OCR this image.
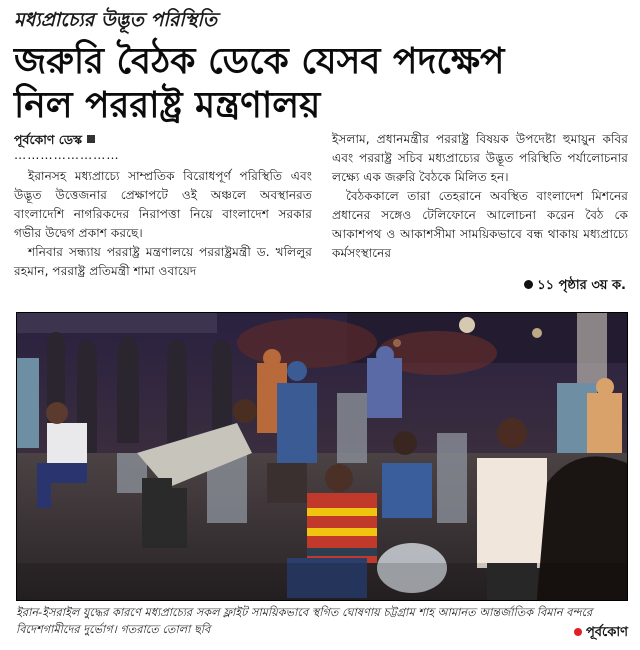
মধ্যপ্রাচ্যের উদ্ভূত পরিস্থিতি
জরুরি বৈঠক ডেকে যেসব পদক্ষেপ
নিল পররাষ্ট্র মন্ত্রণালয়

পূর্বকোণ ডেস্ক

……………………

ইরানসহ মধ্যপ্রাচ্যে সাম্প্রতিক বিরোধপূর্ণ পরিস্থিতি এবং উদ্ভূত উত্তেজনার প্রেক্ষাপটে ওই অঞ্চলে অবস্থানরত বাংলাদেশি নাগরিকদের নিরাপত্তা নিয়ে বাংলাদেশ সরকার গভীর উদ্বেগ প্রকাশ করছে।

শনিবার সন্ধ্যায় পররাষ্ট্র মন্ত্রণালয়ে পররাষ্ট্রমন্ত্রী ড. খলিলুর রহমান, পররাষ্ট্র প্রতিমন্ত্রী শামা ওবায়েদ

ইসলাম, প্রধানমন্ত্রীর পররাষ্ট্র বিষয়ক উপদেষ্টা হুমায়ুন কবির এবং পররাষ্ট্র সচিব মধ্যপ্রাচ্যের উদ্ভূত পরিস্থিতি পর্যালোচনার লক্ষ্যে এক জরুরি বৈঠকে মিলিত হন।

বৈঠককালে তারা তেহরানে অবস্থিত বাংলাদেশ মিশনের প্রধানের সঙ্গেও টেলিফোনে আলোচনা করেন বৈঠ কে আকাশপথ ও আকাশসীমা সাময়িকভাবে বন্ধ থাকায় মধ্যপ্রাচ্যে কর্মসংস্থানের

১১ পৃষ্ঠার ৩য় ক.
ইরান-ইসরাইল যুদ্ধের কারণে মধ্যপ্রাচ্যের সকল ফ্লাইট সাময়িকভাবে স্থগিত ঘোষণায় চট্টগ্রাম শাহ আমানত আন্তর্জাতিক বিমান বন্দরে বিদেশগামীদের দুর্ভোগ। গতরাতে তোলা ছবি	পূর্বকোণ
